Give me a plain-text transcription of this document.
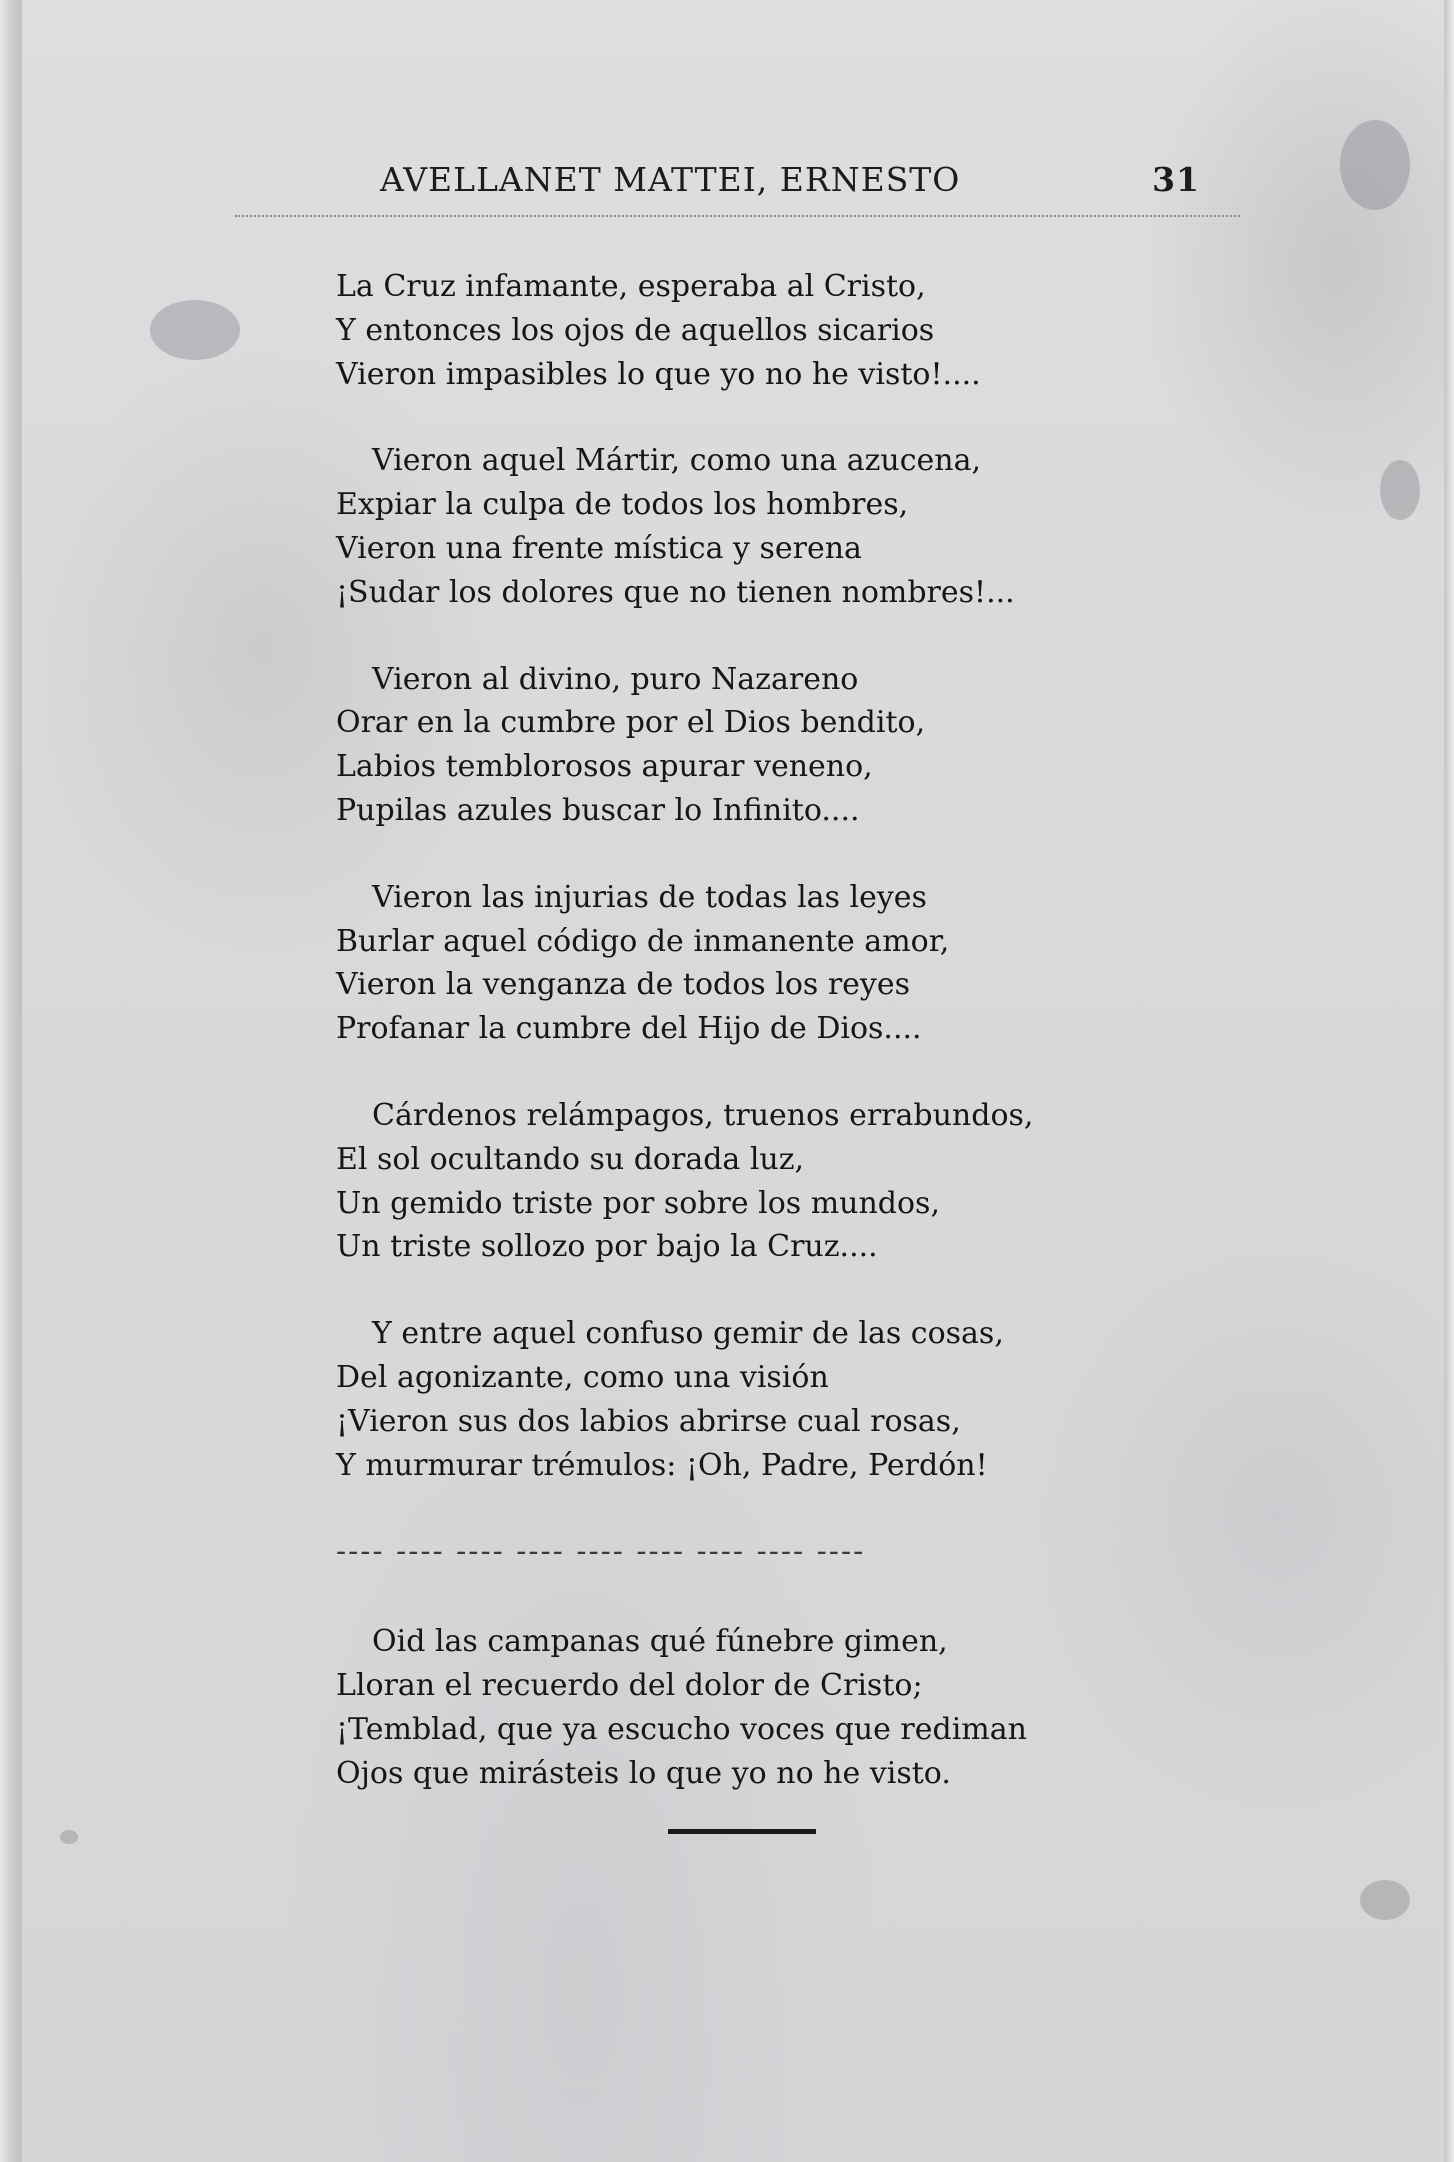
AVELLANET MATTEI, ERNESTO	31
La Cruz infamante, esperaba al Cristo,
Y entonces los ojos de aquellos sicarios
Vieron impasibles lo que yo no he visto!....
Vieron aquel Mártir, como una azucena,
Expiar la culpa de todos los hombres,
Vieron una frente mística y serena
¡Sudar los dolores que no tienen nombres!...
Vieron al divino, puro Nazareno
Orar en la cumbre por el Dios bendito,
Labios temblorosos apurar veneno,
Pupilas azules buscar lo Infinito....
Vieron las injurias de todas las leyes
Burlar aquel código de inmanente amor,
Vieron la venganza de todos los reyes
Profanar la cumbre del Hijo de Dios....
Cárdenos relámpagos, truenos errabundos,
El sol ocultando su dorada luz,
Un gemido triste por sobre los mundos,
Un triste sollozo por bajo la Cruz....
Y entre aquel confuso gemir de las cosas,
Del agonizante, como una visión
¡Vieron sus dos labios abrirse cual rosas,
Y murmurar trémulos: ¡Oh, Padre, Perdón!
---- ---- ---- ---- ---- ---- ---- ---- ----
Oid las campanas qué fúnebre gimen,
Lloran el recuerdo del dolor de Cristo;
¡Temblad, que ya escucho voces que rediman
Ojos que mirásteis lo que yo no he visto.
